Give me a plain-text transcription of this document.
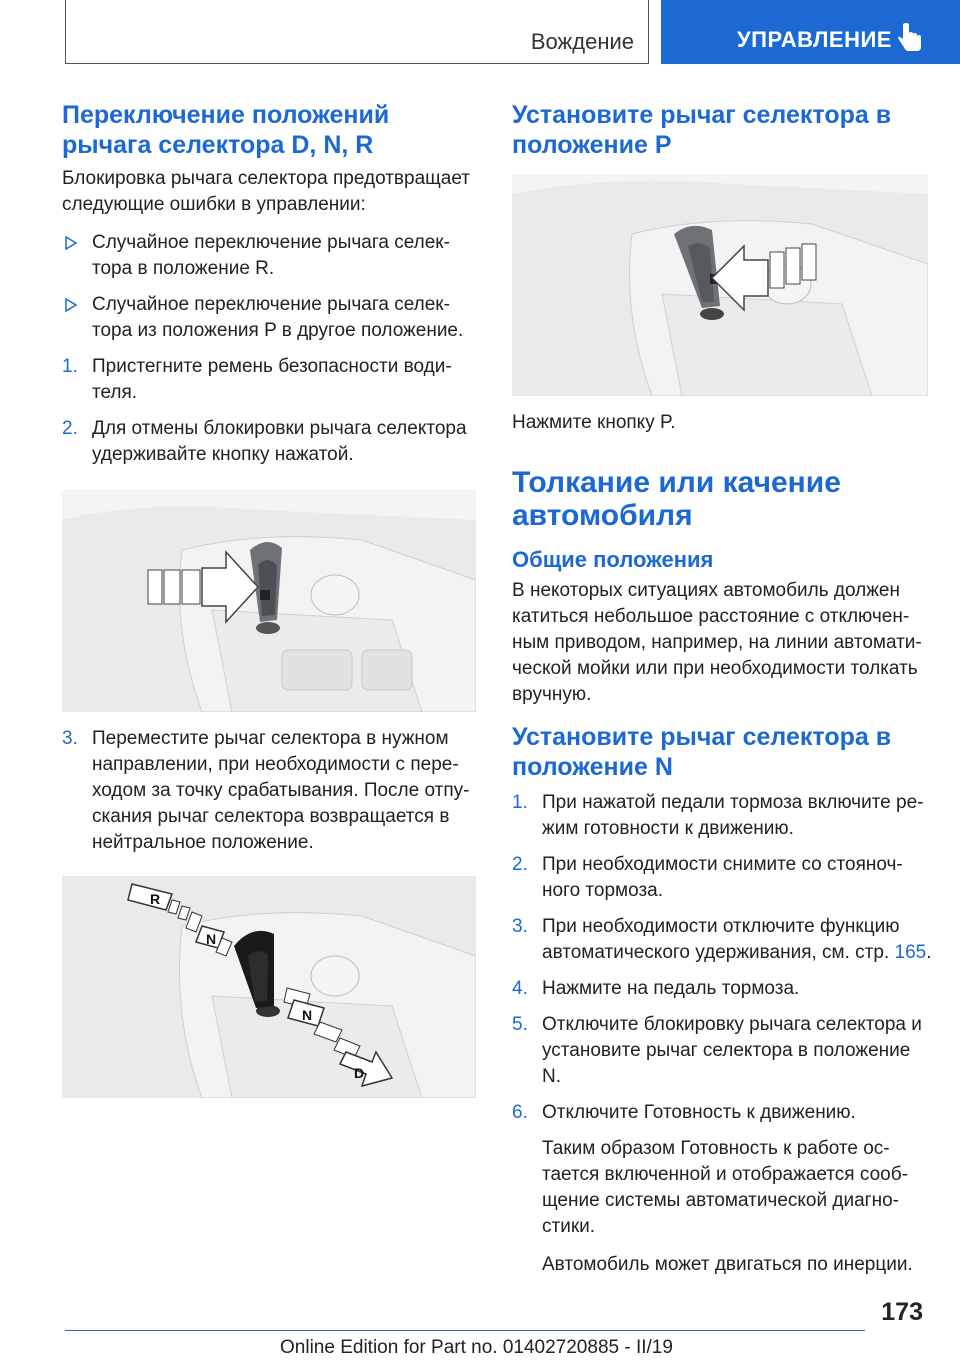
Вождение	УПРАВЛЕНИЕ
Переключение положений рычага селектора D, N, R

Блокировка рычага селектора предотвращает следующие ошибки в управлении:

Случайное переключение рычага селектора в положение R.
Случайное переключение рычага селектора из положения P в другое положение.
1. Пристегните ремень безопасности водителя.
2. Для отмены блокировки рычага селектора удерживайте кнопку нажатой.
3. Переместите рычаг селектора в нужном направлении, при необходимости с переходом за точку срабатывания. После отпускания рычаг селектора возвращается в нейтральное положение.
R
N
N
D
Установите рычаг селектора в положение P

Нажмите кнопку P.

Толкание или качение автомобиля
Общие положения

В некоторых ситуациях автомобиль должен катиться небольшое расстояние с отключенным приводом, например, на линии автоматической мойки или при необходимости толкать вручную.

Установите рычаг селектора в положение N
1. При нажатой педали тормоза включите режим готовности к движению.
2. При необходимости снимите со стояночного тормоза.
3. При необходимости отключите функцию автоматического удерживания, см. стр. 165.
4. Нажмите на педаль тормоза.
5. Отключите блокировку рычага селектора и установите рычаг селектора в положение N.
6. Отключите Готовность к движению.

Таким образом Готовность к работе остается включенной и отображается сообщение системы автоматической диагностики.

Автомобиль может двигаться по инерции.

173
Online Edition for Part no. 01402720885 - II/19
